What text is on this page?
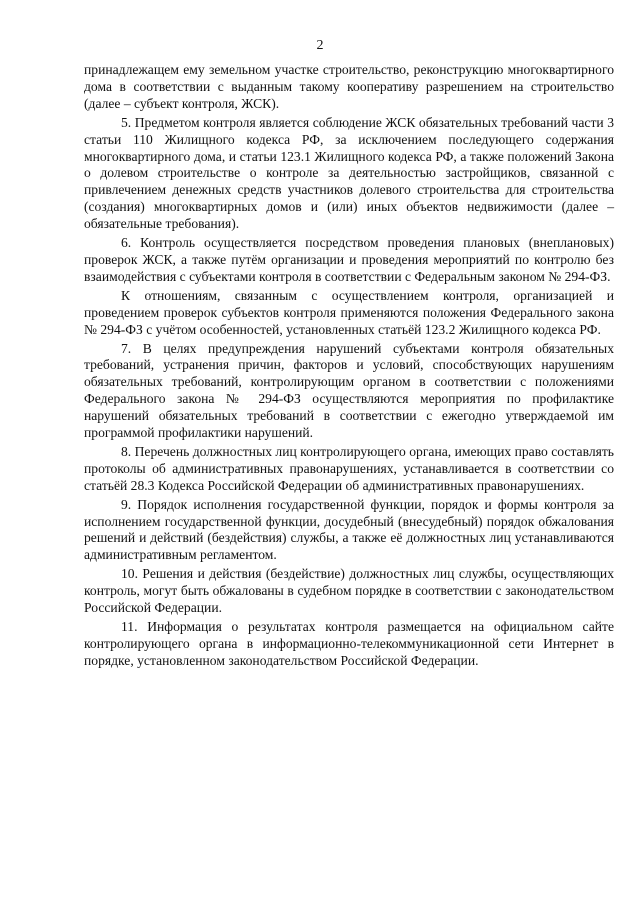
2

принадлежащем ему земельном участке строительство, реконструкцию многоквартирного дома в соответствии с выданным такому кооперативу разрешением на строительство (далее – субъект контроля, ЖСК).

5. Предметом контроля является соблюдение ЖСК обязательных требований части 3 статьи 110 Жилищного кодекса РФ, за исключением последующего содержания многоквартирного дома, и статьи 123.1 Жилищного кодекса РФ, а также положений Закона о долевом строительстве о контроле за деятельностью застройщиков, связанной с привлечением денежных средств участников долевого строительства для строительства (создания) многоквартирных домов и (или) иных объектов недвижимости (далее – обязательные требования).

6. Контроль осуществляется посредством проведения плановых (внеплановых) проверок ЖСК, а также путём организации и проведения мероприятий по контролю без взаимодействия с субъектами контроля в соответствии с Федеральным законом № 294-ФЗ.

К отношениям, связанным с осуществлением контроля, организацией и проведением проверок субъектов контроля применяются положения Федерального закона № 294-ФЗ с учётом особенностей, установленных статьёй 123.2 Жилищного кодекса РФ.

7. В целях предупреждения нарушений субъектами контроля обязательных требований, устранения причин, факторов и условий, способствующих нарушениям обязательных требований, контролирующим органом в соответствии с положениями Федерального закона № 294-ФЗ осуществляются мероприятия по профилактике нарушений обязательных требований в соответствии с ежегодно утверждаемой им программой профилактики нарушений.

8. Перечень должностных лиц контролирующего органа, имеющих право составлять протоколы об административных правонарушениях, устанавливается в соответствии со статьёй 28.3 Кодекса Российской Федерации об административных правонарушениях.

9. Порядок исполнения государственной функции, порядок и формы контроля за исполнением государственной функции, досудебный (внесудебный) порядок обжалования решений и действий (бездействия) службы, а также её должностных лиц устанавливаются административным регламентом.

10. Решения и действия (бездействие) должностных лиц службы, осуществляющих контроль, могут быть обжалованы в судебном порядке в соответствии с законодательством Российской Федерации.

11. Информация о результатах контроля размещается на официальном сайте контролирующего органа в информационно-телекоммуникационной сети Интернет в порядке, установленном законодательством Российской Федерации.
